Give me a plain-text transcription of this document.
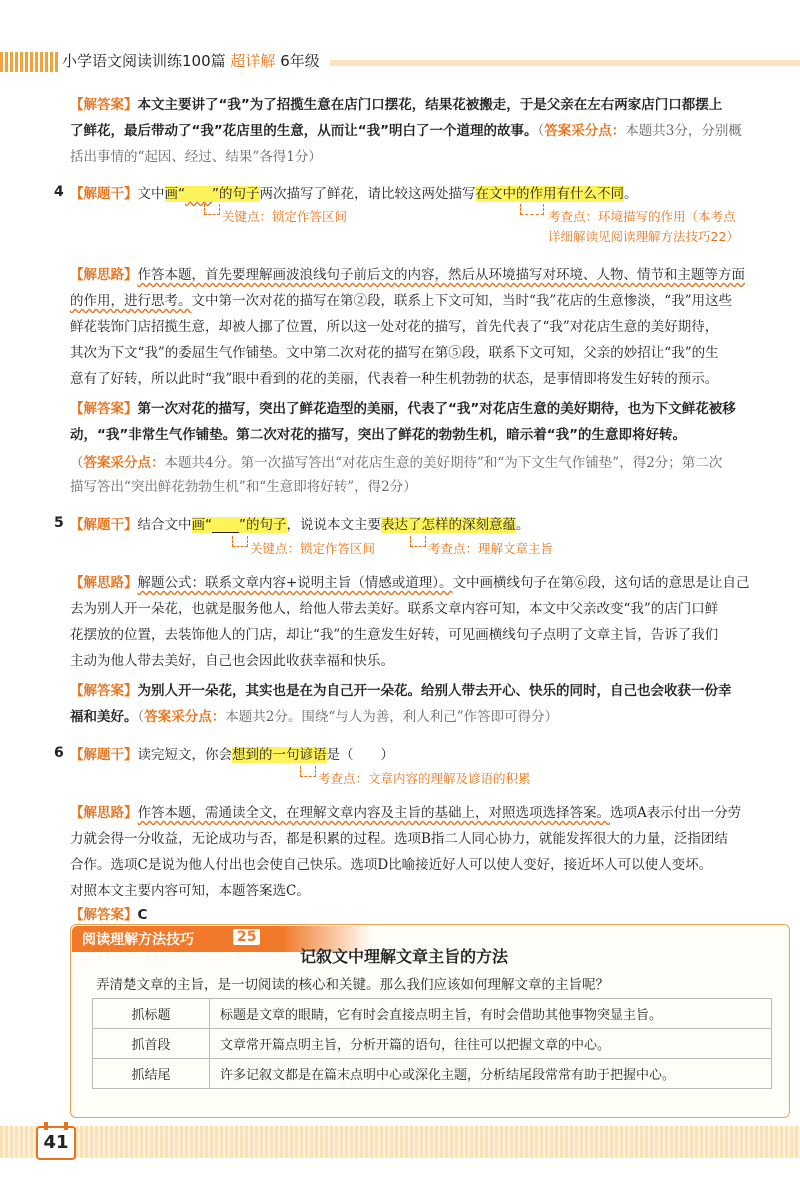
小学语文阅读训练100篇 超详解 6年级
【解答案】本文主要讲了“我”为了招揽生意在店门口摆花，结果花被搬走，于是父亲在左右两家店门口都摆上
了鲜花，最后带动了“我”花店里的生意，从而让“我”明白了一个道理的故事。（答案采分点：本题共3分，分别概
括出事情的“起因、经过、结果”各得1分）
4 【解题干】文中画“　　 ”的句子两次描写了鲜花，请比较这两处描写在文中的作用有什么不同。
关键点：锁定作答区间	考查点：环境描写的作用（本考点
详细解读见阅读理解方法技巧22）
【解思路】作答本题，首先要理解画波浪线句子前后文的内容，然后从环境描写对环境、人物、情节和主题等方面
的作用，进行思考。文中第一次对花的描写在第②段，联系上下文可知，当时“我”花店的生意惨淡，“我”用这些
鲜花装饰门店招揽生意，却被人挪了位置，所以这一处对花的描写，首先代表了“我”对花店生意的美好期待，
其次为下文“我”的委屈生气作铺垫。文中第二次对花的描写在第⑤段，联系下文可知，父亲的妙招让“我”的生
意有了好转，所以此时“我”眼中看到的花的美丽，代表着一种生机勃勃的状态，是事情即将发生好转的预示。
【解答案】第一次对花的描写，突出了鲜花造型的美丽，代表了“我”对花店生意的美好期待，也为下文鲜花被移
动，“我”非常生气作铺垫。第二次对花的描写，突出了鲜花的勃勃生机，暗示着“我”的生意即将好转。
（答案采分点：本题共4分。第一次描写答出“对花店生意的美好期待”和“为下文生气作铺垫”，得2分；第二次
描写答出“突出鲜花勃勃生机”和“生意即将好转”，得2分）
5 【解题干】结合文中画“　　 ”的句子，说说本文主要表达了怎样的深刻意蕴。
关键点：锁定作答区间	考查点：理解文章主旨
【解思路】解题公式：联系文章内容+说明主旨（情感或道理）。文中画横线句子在第⑥段，这句话的意思是让自己
去为别人开一朵花，也就是服务他人，给他人带去美好。联系文章内容可知，本文中父亲改变“我”的店门口鲜
花摆放的位置，去装饰他人的门店，却让“我”的生意发生好转，可见画横线句子点明了文章主旨，告诉了我们
主动为他人带去美好，自己也会因此收获幸福和快乐。
【解答案】为别人开一朵花，其实也是在为自己开一朵花。给别人带去开心、快乐的同时，自己也会收获一份幸
福和美好。（答案采分点：本题共2分。围绕“与人为善，利人利己”作答即可得分）
6 【解题干】读完短文，你会想到的一句谚语是（　　）
考查点：文章内容的理解及谚语的积累
【解思路】作答本题，需通读全文，在理解文章内容及主旨的基础上，对照选项选择答案。选项A表示付出一分劳
力就会得一分收益，无论成功与否，都是积累的过程。选项B指二人同心协力，就能发挥很大的力量，泛指团结
合作。选项C是说为他人付出也会使自己快乐。选项D比喻接近好人可以使人变好，接近坏人可以使人变坏。
对照本文主要内容可知，本题答案选C。
【解答案】C
阅读理解方法技巧	25
记叙文中理解文章主旨的方法
弄清楚文章的主旨，是一切阅读的核心和关键。那么我们应该如何理解文章的主旨呢？
抓标题	标题是文章的眼睛，它有时会直接点明主旨，有时会借助其他事物突显主旨。
抓首段	文章常开篇点明主旨，分析开篇的语句，往往可以把握文章的中心。
抓结尾	许多记叙文都是在篇末点明中心或深化主题，分析结尾段常常有助于把握中心。
41
